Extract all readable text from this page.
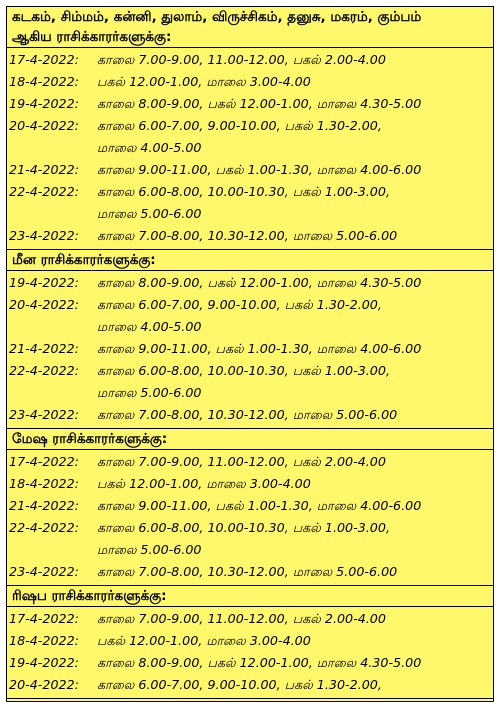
கடகம், சிம்மம், கன்னி, துலாம், விருச்சிகம், தனுசு, மகரம், கும்பம்
ஆகிய ராசிக்காரர்களுக்கு:
17-4-2022:	காலை 7.00-9.00, 11.00-12.00, பகல் 2.00-4.00
18-4-2022:	பகல் 12.00-1.00, மாலை 3.00-4.00
19-4-2022:	காலை 8.00-9.00, பகல் 12.00-1.00, மாலை 4.30-5.00
20-4-2022:	காலை 6.00-7.00, 9.00-10.00, பகல் 1.30-2.00,
மாலை 4.00-5.00
21-4-2022:	காலை 9.00-11.00, பகல் 1.00-1.30, மாலை 4.00-6.00
22-4-2022:	காலை 6.00-8.00, 10.00-10.30, பகல் 1.00-3.00,
மாலை 5.00-6.00
23-4-2022:	காலை 7.00-8.00, 10.30-12.00, மாலை 5.00-6.00
மீன ராசிக்காரர்களுக்கு:
19-4-2022:	காலை 8.00-9.00, பகல் 12.00-1.00, மாலை 4.30-5.00
20-4-2022:	காலை 6.00-7.00, 9.00-10.00, பகல் 1.30-2.00,
மாலை 4.00-5.00
21-4-2022:	காலை 9.00-11.00, பகல் 1.00-1.30, மாலை 4.00-6.00
22-4-2022:	காலை 6.00-8.00, 10.00-10.30, பகல் 1.00-3.00,
மாலை 5.00-6.00
23-4-2022:	காலை 7.00-8.00, 10.30-12.00, மாலை 5.00-6.00
மேஷ ராசிக்காரர்களுக்கு:
17-4-2022:	காலை 7.00-9.00, 11.00-12.00, பகல் 2.00-4.00
18-4-2022:	பகல் 12.00-1.00, மாலை 3.00-4.00
21-4-2022:	காலை 9.00-11.00, பகல் 1.00-1.30, மாலை 4.00-6.00
22-4-2022:	காலை 6.00-8.00, 10.00-10.30, பகல் 1.00-3.00,
மாலை 5.00-6.00
23-4-2022:	காலை 7.00-8.00, 10.30-12.00, மாலை 5.00-6.00
ரிஷப ராசிக்காரர்களுக்கு:
17-4-2022:	காலை 7.00-9.00, 11.00-12.00, பகல் 2.00-4.00
18-4-2022:	பகல் 12.00-1.00, மாலை 3.00-4.00
19-4-2022:	காலை 8.00-9.00, பகல் 12.00-1.00, மாலை 4.30-5.00
20-4-2022:	காலை 6.00-7.00, 9.00-10.00, பகல் 1.30-2.00,
